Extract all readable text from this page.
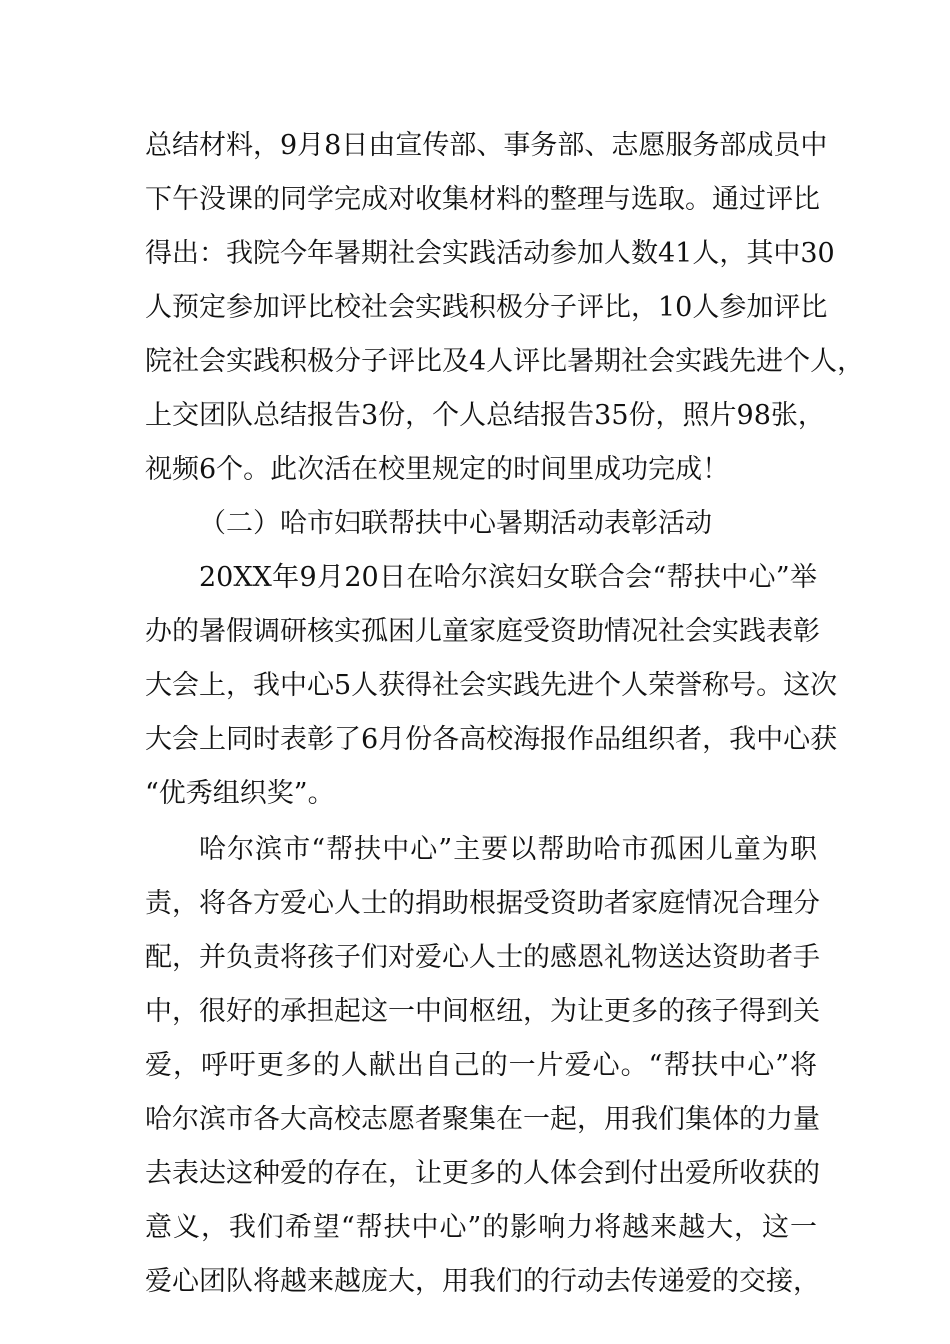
总结材料，9月8日由宣传部、事务部、志愿服务部成员中
下午没课的同学完成对收集材料的整理与选取。通过评比
得出：我院今年暑期社会实践活动参加人数41人，其中30
人预定参加评比校社会实践积极分子评比，10人参加评比
院社会实践积极分子评比及4人评比暑期社会实践先进个人，
上交团队总结报告3份，个人总结报告35份，照片98张，
视频6个。此次活在校里规定的时间里成功完成！
（二）哈市妇联帮扶中心暑期活动表彰活动
20XX年9月20日在哈尔滨妇女联合会“帮扶中心”举
办的暑假调研核实孤困儿童家庭受资助情况社会实践表彰
大会上，我中心5人获得社会实践先进个人荣誉称号。这次
大会上同时表彰了6月份各高校海报作品组织者，我中心获
“优秀组织奖”。
哈尔滨市“帮扶中心”主要以帮助哈市孤困儿童为职
责，将各方爱心人士的捐助根据受资助者家庭情况合理分
配，并负责将孩子们对爱心人士的感恩礼物送达资助者手
中，很好的承担起这一中间枢纽，为让更多的孩子得到关
爱，呼吁更多的人献出自己的一片爱心。“帮扶中心”将
哈尔滨市各大高校志愿者聚集在一起，用我们集体的力量
去表达这种爱的存在，让更多的人体会到付出爱所收获的
意义，我们希望“帮扶中心”的影响力将越来越大，这一
爱心团队将越来越庞大，用我们的行动去传递爱的交接，
